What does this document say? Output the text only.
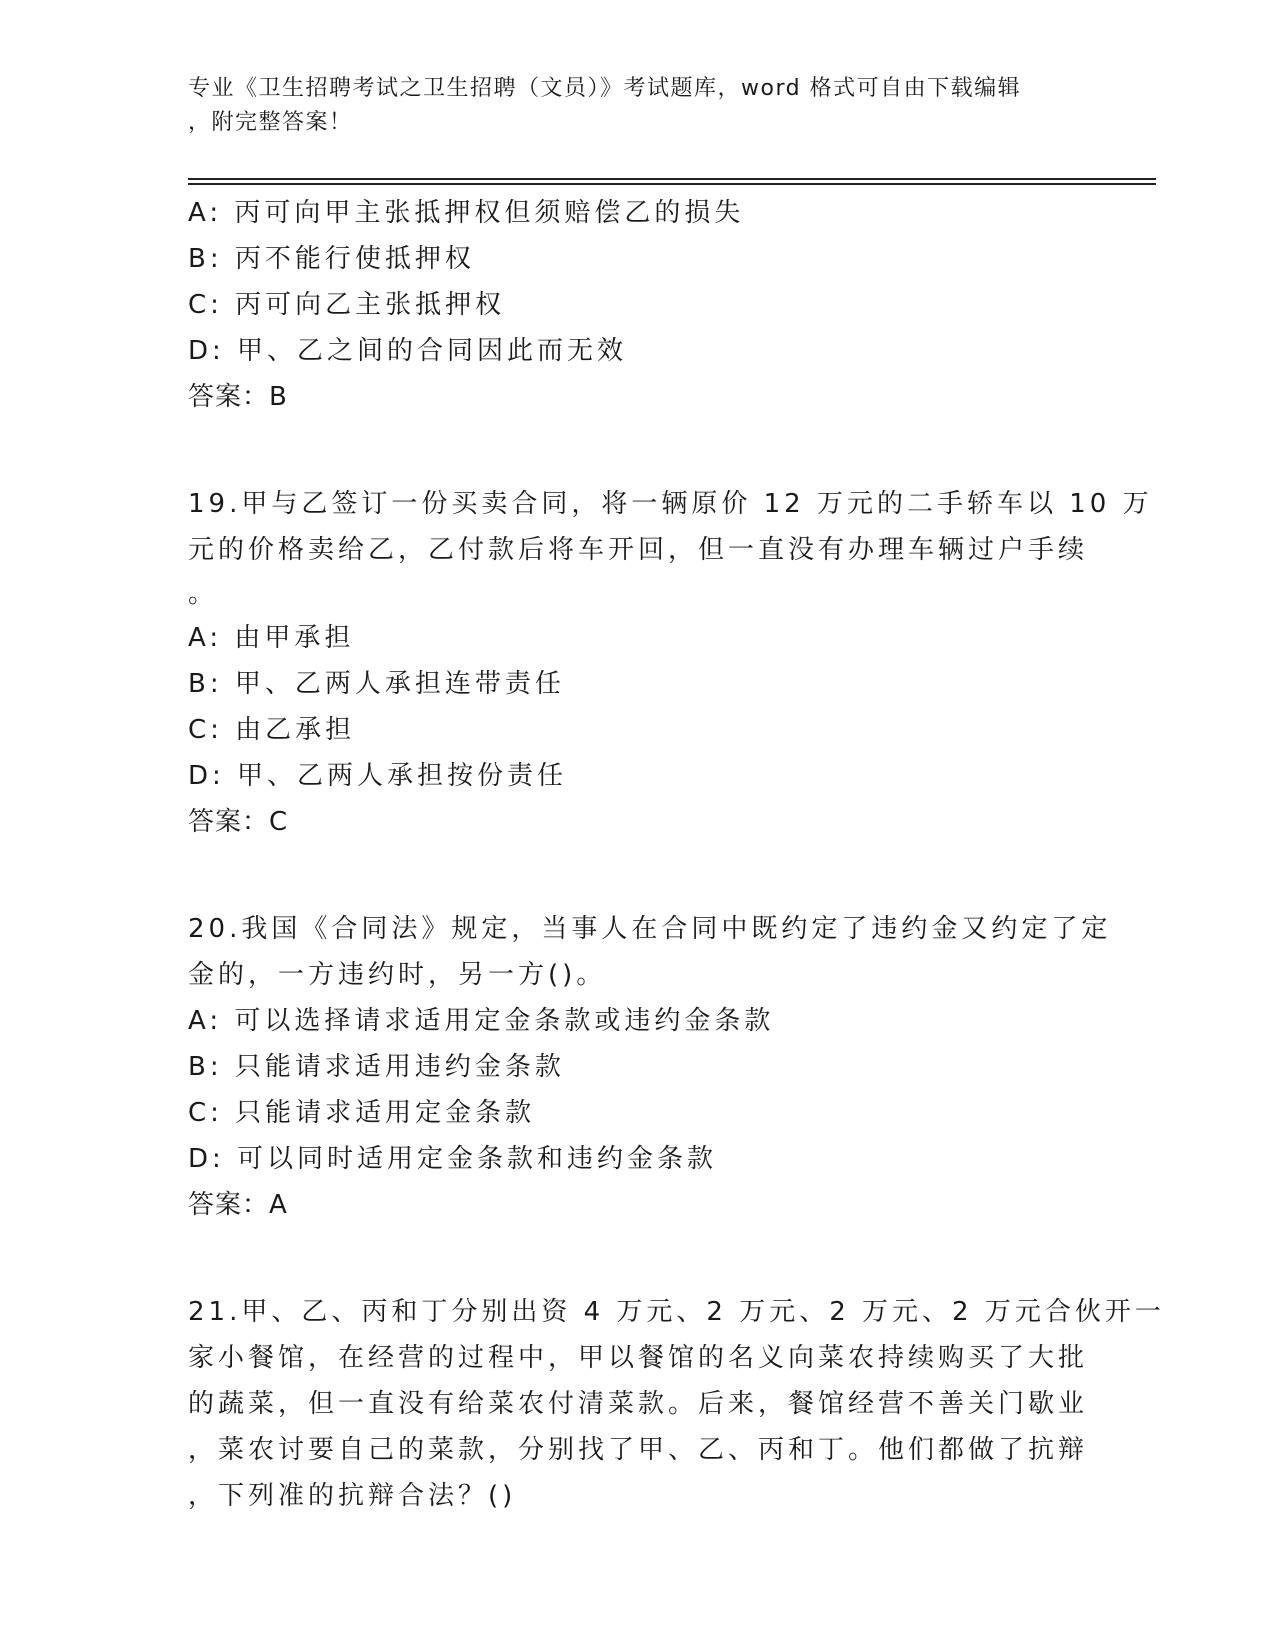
专业《卫生招聘考试之卫生招聘（文员）》考试题库，word 格式可自由下载编辑
，附完整答案！
A: 丙可向甲主张抵押权但须赔偿乙的损失
B: 丙不能行使抵押权
C: 丙可向乙主张抵押权
D: 甲、乙之间的合同因此而无效
答案：B
19.甲与乙签订一份买卖合同，将一辆原价 12 万元的二手轿车以 10 万
元的价格卖给乙，乙付款后将车开回，但一直没有办理车辆过户手续
。
A: 由甲承担
B: 甲、乙两人承担连带责任
C: 由乙承担
D: 甲、乙两人承担按份责任
答案：C
20.我国《合同法》规定，当事人在合同中既约定了违约金又约定了定
金的，一方违约时，另一方()。
A: 可以选择请求适用定金条款或违约金条款
B: 只能请求适用违约金条款
C: 只能请求适用定金条款
D: 可以同时适用定金条款和违约金条款
答案：A
21.甲、乙、丙和丁分别出资 4 万元、2 万元、2 万元、2 万元合伙开一
家小餐馆，在经营的过程中，甲以餐馆的名义向菜农持续购买了大批
的蔬菜，但一直没有给菜农付清菜款。后来，餐馆经营不善关门歇业
，菜农讨要自己的菜款，分别找了甲、乙、丙和丁。他们都做了抗辩
，下列准的抗辩合法？()
